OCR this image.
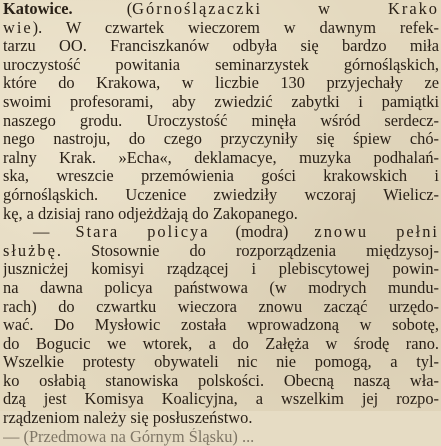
Katowice. (Górnoślązaczki w Krako
wie). W czwartek wieczorem w dawnym refek-
tarzu OO. Franciszkanów odbyła się bardzo miła
uroczystość powitania seminarzystek górnośląskich,
które do Krakowa, w liczbie 130 przyjechały ze
swoimi profesorami, aby zwiedzić zabytki i pamiątki
naszego grodu. Uroczystość minęła wśród serdecz-
nego nastroju, do czego przyczyniły się śpiew chó-
ralny Krak. »Echa«, deklamacye, muzyka podhalań-
ska, wreszcie przemówienia gości krakowskich i
górnośląskich. Uczenice zwiedziły wczoraj Wielicz-
kę, a dzisiaj rano odjeżdżają do Zakopanego.
— Stara policya (modra) znowu pełni
służbę. Stosownie do rozporządzenia międzysoj-
jusznicżej komisyi rządzącej i plebiscytowej powin-
na dawna policya państwowa (w modrych mundu-
rach) do czwartku wieczora znowu zacząć urzędo-
wać. Do Mysłowic została wprowadzoną w sobotę,
do Bogucic we wtorek, a do Załęża w środę rano.
Wszelkie protesty obywateli nic nie pomogą, a tyl-
ko osłabią stanowiska polskości. Obecną naszą wła-
dzą jest Komisya Koalicyjna, a wszelkim jej rozpo-
rządzeniom należy się posłuszeństwo.
— (Przedmowa na Górnym Śląsku) ...
